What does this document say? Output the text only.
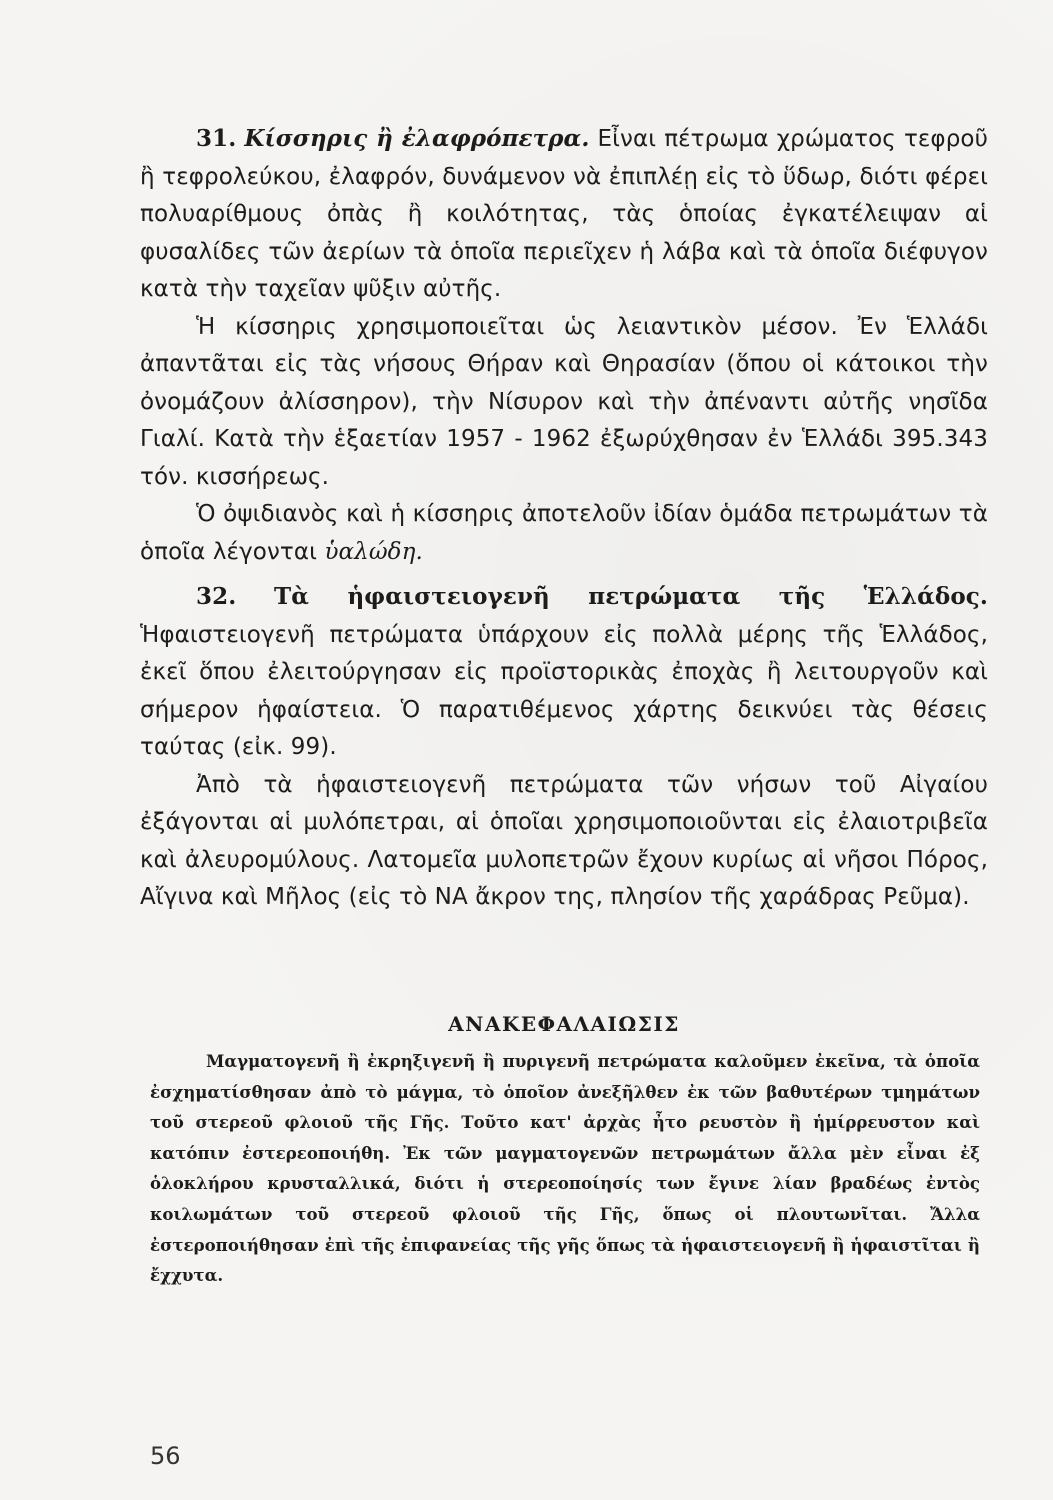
31. Κίσσηρις ἢ ἐλαφρόπετρα. Εἶναι πέτρωμα χρώματος τεφροῦ ἢ τεφρολεύκου, ἐλαφρόν, δυνάμενον νὰ ἐπιπλέῃ εἰς τὸ ὕδωρ, διότι φέρει πολυαρίθμους ὀπὰς ἢ κοιλότητας, τὰς ὁποίας ἐγκατέλειψαν αἱ φυσαλίδες τῶν ἀερίων τὰ ὁποῖα περιεῖχεν ἡ λάβα καὶ τὰ ὁποῖα διέφυγον κατὰ τὴν ταχεῖαν ψῦξιν αὐτῆς.

Ἡ κίσσηρις χρησιμοποιεῖται ὡς λειαντικὸν μέσον. Ἐν Ἑλλάδι ἀπαντᾶται εἰς τὰς νήσους Θήραν καὶ Θηρασίαν (ὅπου οἱ κάτοικοι τὴν ὀνομάζουν ἀλίσσηρον), τὴν Νίσυρον καὶ τὴν ἀπέναντι αὐτῆς νησῖδα Γιαλί. Κατὰ τὴν ἑξαετίαν 1957 - 1962 ἐξωρύχθησαν ἐν Ἑλλάδι 395.343 τόν. κισσήρεως.

Ὁ ὀψιδιανὸς καὶ ἡ κίσσηρις ἀποτελοῦν ἰδίαν ὁμάδα πετρωμάτων τὰ ὁποῖα λέγονται ὑαλώδη.

32. Τὰ ἡφαιστειογενῆ πετρώματα τῆς Ἑλλάδος. Ἡφαιστειογενῆ πετρώματα ὑπάρχουν εἰς πολλὰ μέρης τῆς Ἑλλάδος, ἐκεῖ ὅπου ἐλειτούργησαν εἰς προϊστορικὰς ἐποχὰς ἢ λειτουργοῦν καὶ σήμερον ἡφαίστεια. Ὁ παρατιθέμενος χάρτης δεικνύει τὰς θέσεις ταύτας (εἰκ. 99).

Ἀπὸ τὰ ἡφαιστειογενῆ πετρώματα τῶν νήσων τοῦ Αἰγαίου ἐξάγονται αἱ μυλόπετραι, αἱ ὁποῖαι χρησιμοποιοῦνται εἰς ἐλαιοτριβεῖα καὶ ἀλευρομύλους. Λατομεῖα μυλοπετρῶν ἔχουν κυρίως αἱ νῆσοι Πόρος, Αἴγινα καὶ Μῆλος (εἰς τὸ ΝΑ ἄκρον της, πλησίον τῆς χαράδρας Ρεῦμα).

ΑΝΑΚΕΦΑΛΑΙΩΣΙΣ

Μαγματογενῆ ἢ ἐκρηξιγενῆ ἢ πυριγενῆ πετρώματα καλοῦμεν ἐκεῖνα, τὰ ὁποῖα ἐσχηματίσθησαν ἀπὸ τὸ μάγμα, τὸ ὁποῖον ἀνεξῆλθεν ἐκ τῶν βαθυτέρων τμημάτων τοῦ στερεοῦ φλοιοῦ τῆς Γῆς. Τοῦτο κατ' ἀρχὰς ἦτο ρευστὸν ἢ ἡμίρρευστον καὶ κατόπιν ἐστερεοποιήθη. Ἐκ τῶν μαγματογενῶν πετρωμάτων ἄλλα μὲν εἶναι ἐξ ὁλοκλήρου κρυσταλλικά, διότι ἡ στερεοποίησίς των ἔγινε λίαν βραδέως ἐντὸς κοιλωμάτων τοῦ στερεοῦ φλοιοῦ τῆς Γῆς, ὅπως οἱ πλουτωνῖται. Ἄλλα ἐστεροποιήθησαν ἐπὶ τῆς ἐπιφανείας τῆς γῆς ὅπως τὰ ἡφαιστειογενῆ ἢ ἡφαιστῖται ἢ ἔχχυτα.

56
